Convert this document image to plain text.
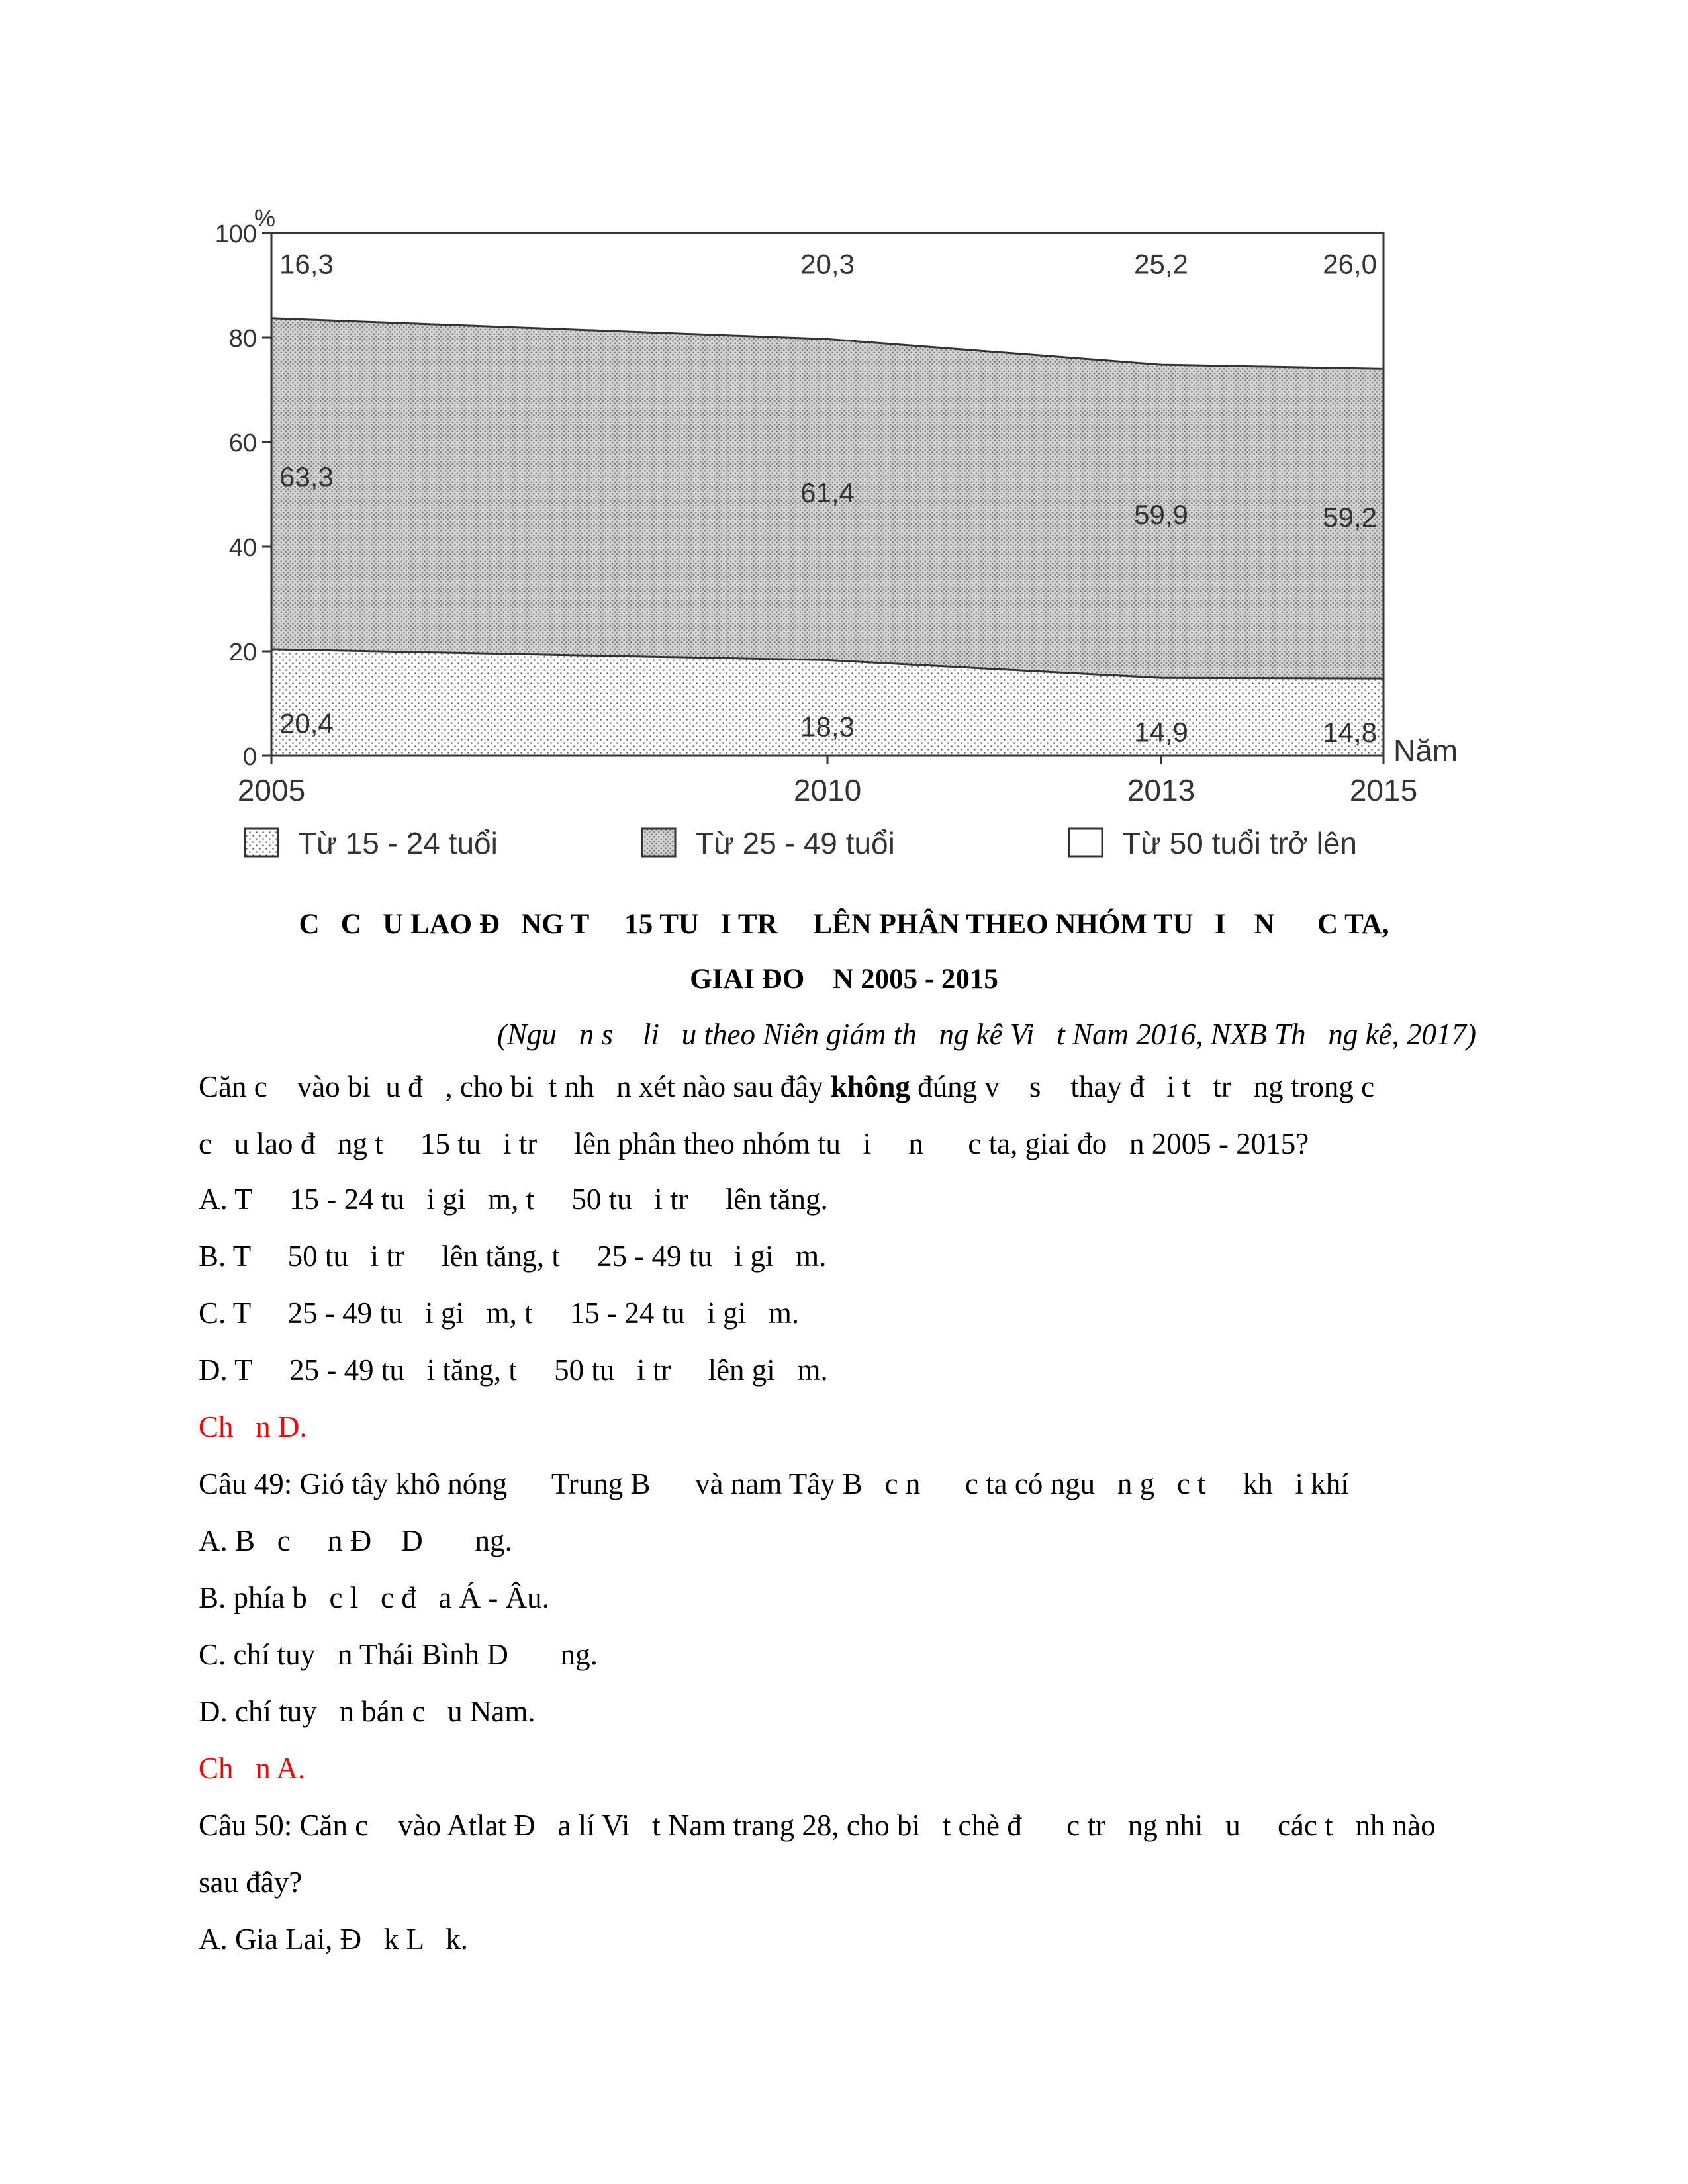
0
20
40
60
80
100
%
2005	2010	2013	2015
Năm
20,4	18,3	14,9	14,8
63,3
61,4
59,9	59,2
16,3	20,3	25,2	26,0
Từ 15 - 24 tuổi	Từ 25 - 49 tuổi	Từ 50 tuổi trở lên
C   C   U LAO Đ   NG T     15 TU   I TR     LÊN PHÂN THEO NHÓM TU   I    N      C TA,
GIAI ĐO    N 2005 - 2015
(Ngu   n s    li   u theo Niên giám th   ng kê Vi   t Nam 2016, NXB Th   ng kê, 2017)
Căn c    vào bi  u đ   , cho bi  t nh   n xét nào sau đây không đúng v    s    thay đ   i t   tr   ng trong c
c   u lao đ   ng t     15 tu   i tr     lên phân theo nhóm tu   i     n      c ta, giai đo   n 2005 - 2015?
A. T     15 - 24 tu   i gi   m, t     50 tu   i tr     lên tăng.
B. T     50 tu   i tr     lên tăng, t     25 - 49 tu   i gi   m.
C. T     25 - 49 tu   i gi   m, t     15 - 24 tu   i gi   m.
D. T     25 - 49 tu   i tăng, t     50 tu   i tr     lên gi   m.
Ch   n D.
Câu 49: Gió tây khô nóng      Trung B      và nam Tây B   c n      c ta có ngu   n g   c t     kh   i khí
A. B   c     n Đ    D       ng.
B. phía b   c l   c đ   a Á - Âu.
C. chí tuy   n Thái Bình D       ng.
D. chí tuy   n bán c   u Nam.
Ch   n A.
Câu 50: Căn c    vào Atlat Đ   a lí Vi   t Nam trang 28, cho bi   t chè đ      c tr   ng nhi   u     các t   nh nào
sau đây?
A. Gia Lai, Đ   k L   k.
